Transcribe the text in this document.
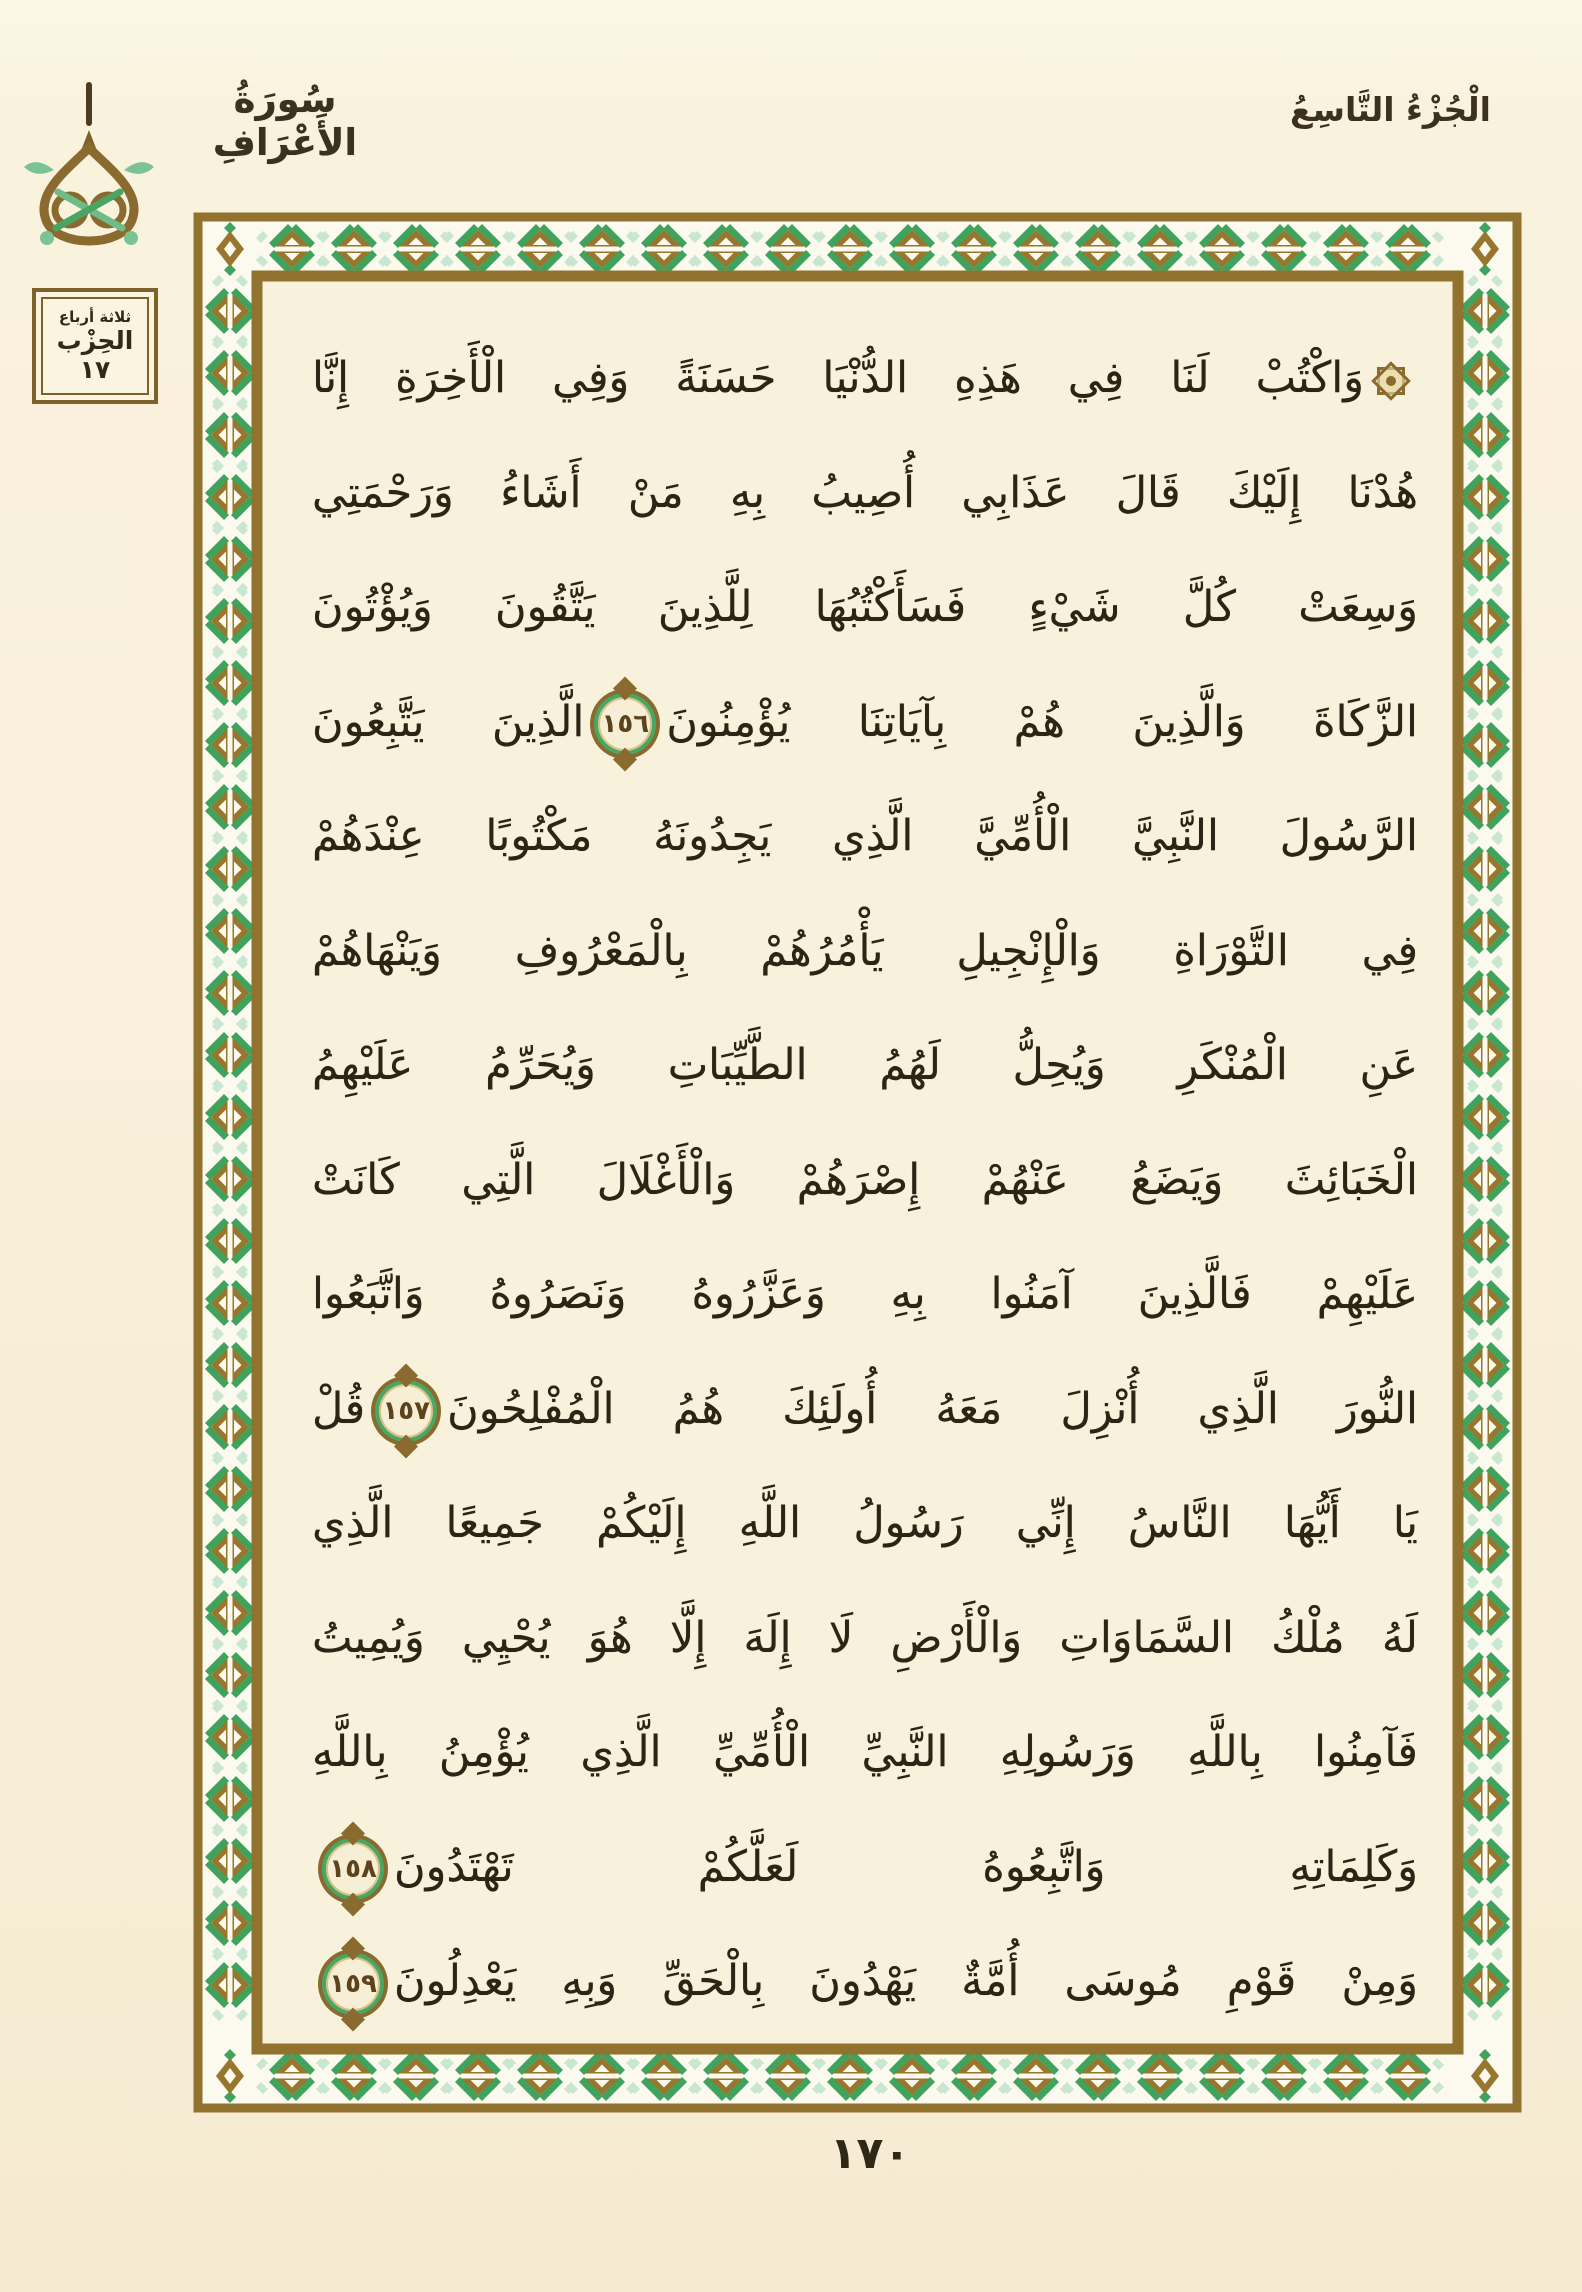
سُورَةُ الأَعْرَافِ
الْجُزْءُ التَّاسِعُ
ثلاثة أرباع
الحِزْب
١٧	وَاكْتُبْ لَنَا فِي هَذِهِ الدُّنْيَا حَسَنَةً وَفِي الْأَخِرَةِ إِنَّا
هُدْنَا إِلَيْكَ قَالَ عَذَابِي أُصِيبُ بِهِ مَنْ أَشَاءُ وَرَحْمَتِي
وَسِعَتْ كُلَّ شَيْءٍ فَسَأَكْتُبُهَا لِلَّذِينَ يَتَّقُونَ وَيُؤْتُونَ
الزَّكَاةَ وَالَّذِينَ هُمْ بِآيَاتِنَا يُؤْمِنُونَ
١٥٦
الَّذِينَ يَتَّبِعُونَ
الرَّسُولَ النَّبِيَّ الْأُمِّيَّ الَّذِي يَجِدُونَهُ مَكْتُوبًا عِنْدَهُمْ
فِي التَّوْرَاةِ وَالْإِنْجِيلِ يَأْمُرُهُمْ بِالْمَعْرُوفِ وَيَنْهَاهُمْ
عَنِ الْمُنْكَرِ وَيُحِلُّ لَهُمُ الطَّيِّبَاتِ وَيُحَرِّمُ عَلَيْهِمُ
الْخَبَائِثَ وَيَضَعُ عَنْهُمْ إِصْرَهُمْ وَالْأَغْلَالَ الَّتِي كَانَتْ
عَلَيْهِمْ فَالَّذِينَ آمَنُوا بِهِ وَعَزَّرُوهُ وَنَصَرُوهُ وَاتَّبَعُوا
النُّورَ الَّذِي أُنْزِلَ مَعَهُ أُولَئِكَ هُمُ الْمُفْلِحُونَ
١٥٧
قُلْ
يَا أَيُّهَا النَّاسُ إِنِّي رَسُولُ اللَّهِ إِلَيْكُمْ جَمِيعًا الَّذِي
لَهُ مُلْكُ السَّمَاوَاتِ وَالْأَرْضِ لَا إِلَهَ إِلَّا هُوَ يُحْيِي وَيُمِيتُ
فَآمِنُوا بِاللَّهِ وَرَسُولِهِ النَّبِيِّ الْأُمِّيِّ الَّذِي يُؤْمِنُ بِاللَّهِ
وَكَلِمَاتِهِ وَاتَّبِعُوهُ لَعَلَّكُمْ تَهْتَدُونَ
١٥٨
وَمِنْ قَوْمِ مُوسَى أُمَّةٌ يَهْدُونَ بِالْحَقِّ وَبِهِ يَعْدِلُونَ
١٥٩
١٧٠
